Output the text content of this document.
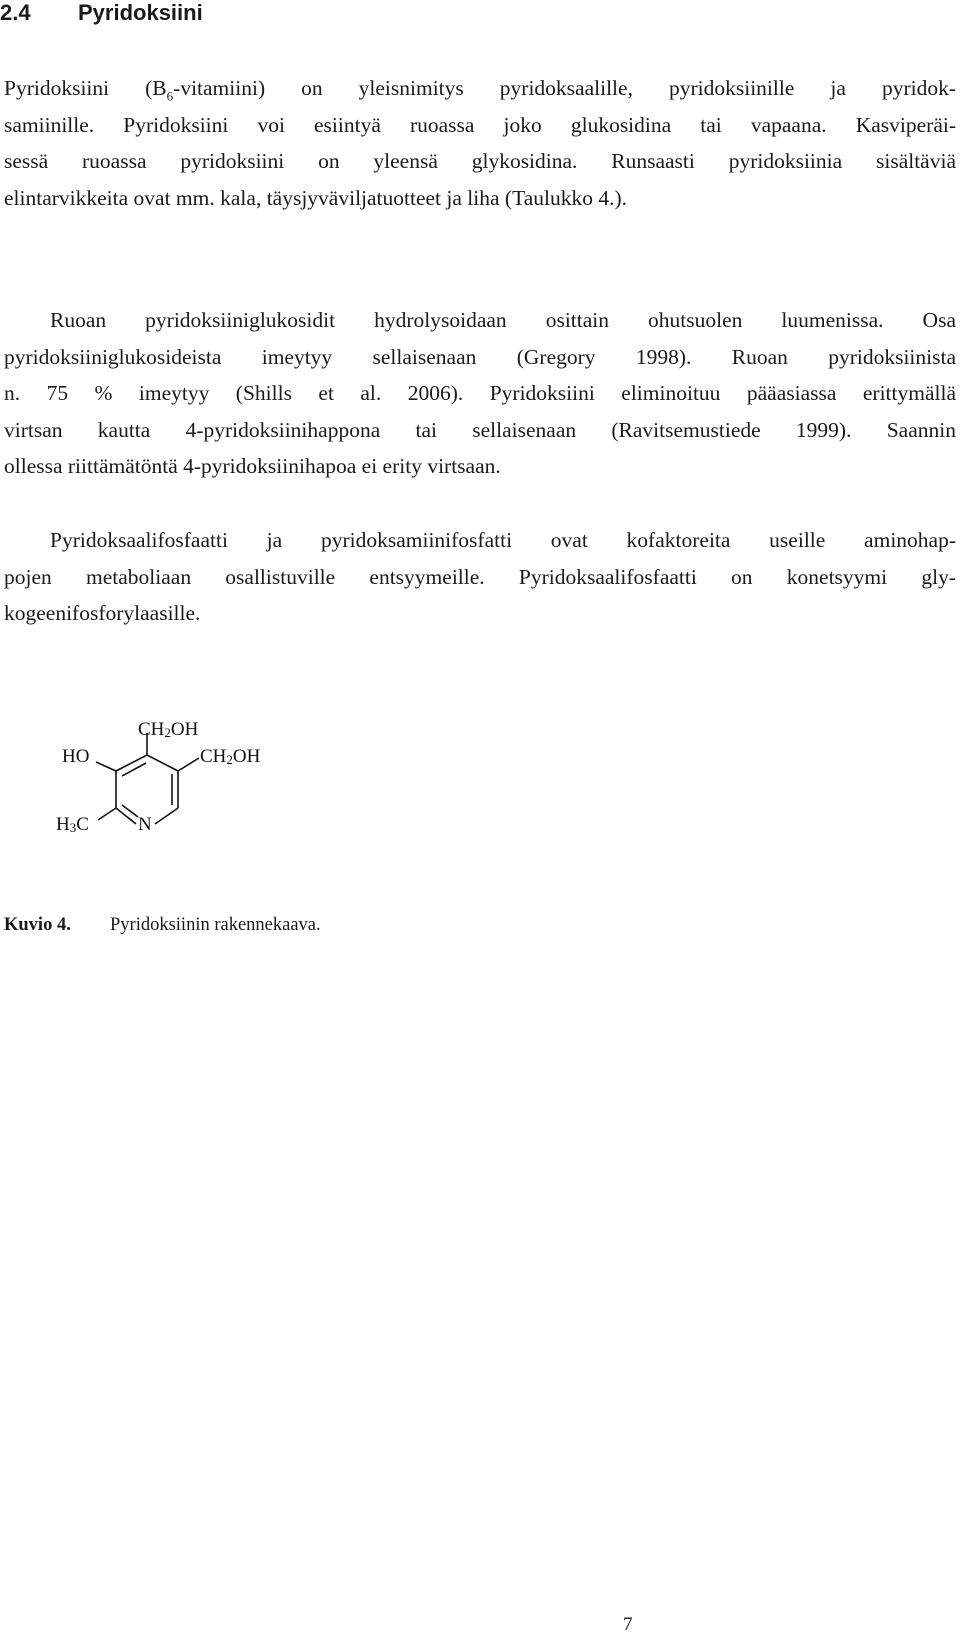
2.4 Pyridoksiini

Pyridoksiini $(B_6-vitamiini)$ on yleisnimitys pyridoksaalille, pyridoksiinille ja pyridok-
samiinille. Pyridoksiini voi esiintyä ruoassa joko glukosidina tai vapaana. Kasviperäi-
sessä ruoassa pyridoksiini on yleensä glykosidina. Runsaasti pyridoksiinia sisältäviä
elintarvikkeita ovat mm. kala, täysjyväviljatuotteet ja liha (Taulukko 4.).

Ruoan pyridoksiiniglukosidit hydrolysoidaan osittain ohutsuolen luumenissa. Osa
pyridoksiiniglukosideista imeytyy sellaisenaan (Gregory 1998). Ruoan pyridoksiinista
n. 75 % imeytyy (Shills et al. 2006). Pyridoksiini eliminoituu pääasiassa erittymällä
virtsan kautta 4-pyridoksiinihappona tai sellaisenaan (Ravitsemustiede 1999). Saannin
ollessa riittämätöntä 4-pyridoksiinihapoa ei erity virtsaan.

Pyridoksaalifosfaatti ja pyridoksamiinifosfatti ovat kofaktoreita useille aminohap-
pojen metaboliaan osallistuville entsyymeille. Pyridoksaalifosfaatti on konetsyymi gly-
kogeenifosforylaasille.

$CH_2OH$
HO	$CH_2OH$
$H_3C$	N
Kuvio 4. Pyridoksiinin rakennekaava.
7
